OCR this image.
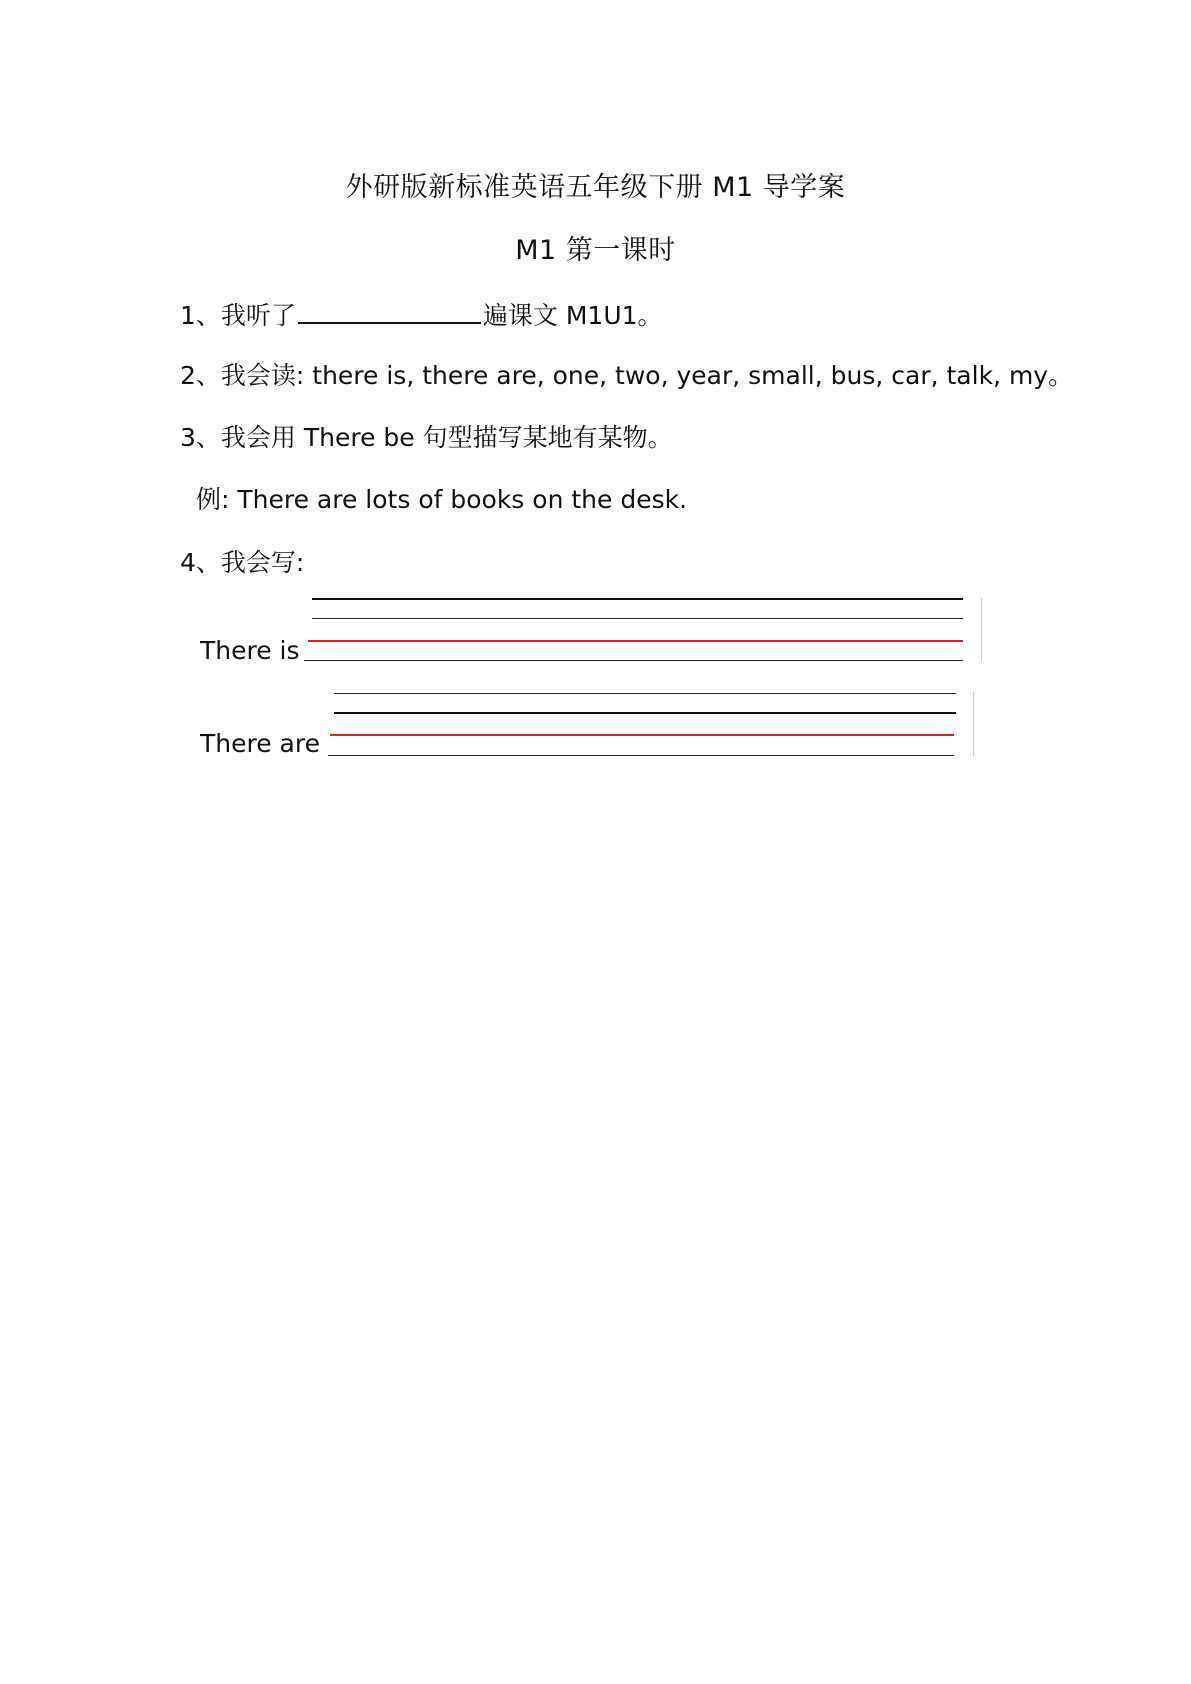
外研版新标准英语五年级下册 M1 导学案
M1 第一课时
1、我听了	遍课文 M1U1。
2、我会读: there is, there are, one, two, year, small, bus, car, talk, my。
3、我会用 There be 句型描写某地有某物。
例: There are lots of books on the desk.
4、我会写:
There is
There are
